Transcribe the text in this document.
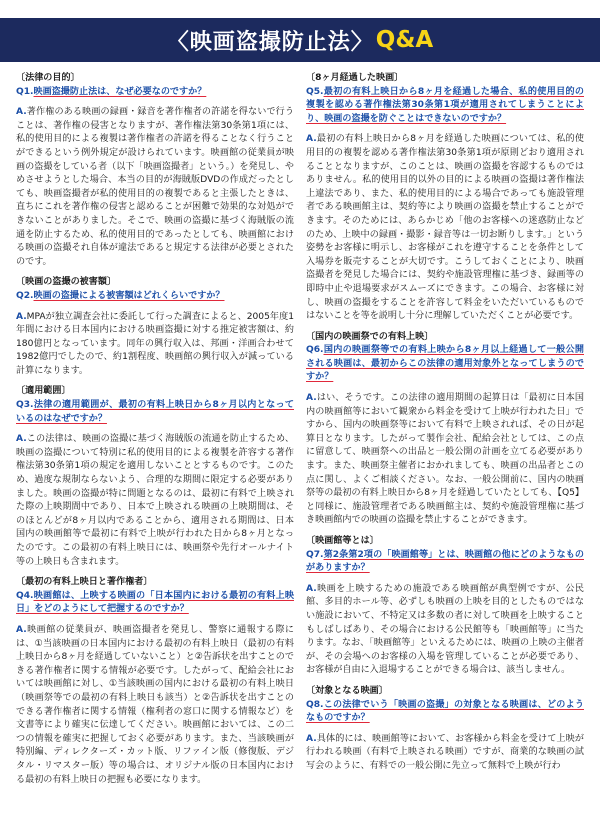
〈映画盗撮防止法〉 Q&A
〔法律の目的〕
Q1.映画盗撮防止法は、なぜ必要なのですか？
A.著作権のある映画の録画・録音を著作権者の許諾を得ないで行うことは、著作権の侵害となりますが、著作権法第30条第1項には、私的使用目的による複製は著作権者の許諾を得ることなく行うことができるという例外規定が設けられています。映画館の従業員が映画の盗撮をしている者（以下「映画盗撮者」という。）を発見し、やめさせようとした場合、本当の目的が海賊版DVDの作成だったとしても、映画盗撮者が私的使用目的の複製であると主張したときは、直ちにこれを著作権の侵害と認めることが困難で効果的な対処ができないことがありました。そこで、映画の盗撮に基づく海賊版の流通を防止するため、私的使用目的であったとしても、映画館における映画の盗撮それ自体が違法であると規定する法律が必要とされたのです。
〔映画の盗撮の被害額〕
Q2.映画の盗撮による被害額はどれくらいですか？
A.MPAが独立調査会社に委託して行った調査によると、2005年度1年間における日本国内における映画盗撮に対する推定被害額は、約180億円となっています。同年の興行収入は、邦画・洋画合わせて1982億円でしたので、約1割程度、映画館の興行収入が減っている計算になります。
〔適用範囲〕
Q3.法律の適用範囲が、最初の有料上映日から8ヶ月以内となっているのはなぜですか？
A.この法律は、映画の盗撮に基づく海賊版の流通を防止するため、映画の盗撮について特別に私的使用目的による複製を許容する著作権法第30条第1項の規定を適用しないこととするものです。このため、過度な規制ならないよう、合理的な期間に限定する必要がありました。映画の盗撮が特に問題となるのは、最初に有料で上映された際の上映期間中であり、日本で上映される映画の上映期間は、そのほとんどが8ヶ月以内であることから、適用される期間は、日本国内の映画館等で最初に有料で上映が行われた日から8ヶ月となったのです。この最初の有料上映日には、映画祭や先行オールナイト等の上映日も含まれます。
〔最初の有料上映日と著作権者〕
Q4.映画館は、上映する映画の「日本国内における最初の有料上映日」をどのようにして把握するのですか？
A.映画館の従業員が、映画盗撮者を発見し、警察に通報する際には、①当該映画の日本国内における最初の有料上映日（最初の有料上映日から8ヶ月を経過していないこと）と②告訴状を出すことのできる著作権者に関する情報が必要です。したがって、配給会社においては映画館に対し、①当該映画の国内における最初の有料上映日（映画祭等での最初の有料上映日も該当）と②告訴状を出すことのできる著作権者に関する情報（権利者の窓口に関する情報など）を文書等により確実に伝達してください。映画館においては、この二つの情報を確実に把握しておく必要があります。また、当該映画が特別編、ディレクターズ・カット版、リファイン版（修復版、デジタル・リマスター版）等の場合は、オリジナル版の日本国内における最初の有料上映日の把握も必要になります。
〔8ヶ月経過した映画〕
Q5.最初の有料上映日から8ヶ月を経過した場合、私的使用目的の複製を認める著作権法第30条第1項が適用されてしまうことにより、映画の盗撮を防ぐことはできないのですか？
A.最初の有料上映日から8ヶ月を経過した映画については、私的使用目的の複製を認める著作権法第30条第1項が原則どおり適用されることとなりますが、このことは、映画の盗撮を容認するものではありません。私的使用目的以外の目的による映画の盗撮は著作権法上違法であり、また、私的使用目的による場合であっても施設管理者である映画館主は、契約等により映画の盗撮を禁止することができます。そのためには、あらかじめ「他のお客様への迷惑防止などのため、上映中の録画・撮影・録音等は一切お断りします。」という姿勢をお客様に明示し、お客様がこれを遵守することを条件として入場券を販売することが大切です。こうしておくことにより、映画盗撮者を発見した場合には、契約や施設管理権に基づき、録画等の即時中止や退場要求がスムーズにできます。この場合、お客様に対し、映画の盗撮をすることを許容して料金をいただいているものではないことを等を説明し十分に理解していただくことが必要です。
〔国内の映画祭での有料上映〕
Q6.国内の映画祭等での有料上映から8ヶ月以上経過して一般公開される映画は、最初からこの法律の適用対象外となってしまうのですか？
A.はい、そうです。この法律の適用期間の起算日は「最初に日本国内の映画館等において観衆から料金を受けて上映が行われた日」ですから、国内の映画祭等において有料で上映されれば、その日が起算日となります。したがって製作会社、配給会社としては、この点に留意して、映画祭への出品と一般公開の計画を立てる必要があります。また、映画祭主催者におかれましても、映画の出品者とこの点に関し、よくご相談ください。なお、一般公開前に、国内の映画祭等の最初の有料上映日から8ヶ月を経過していたとしても、【Q5】と同様に、施設管理者である映画館主は、契約や施設管理権に基づき映画館内での映画の盗撮を禁止することができます。
〔映画館等とは〕
Q7.第2条第2項の「映画館等」とは、映画館の他にどのようなものがありますか？
A.映画を上映するための施設である映画館が典型例ですが、公民館、多目的ホール等、必ずしも映画の上映を目的としたものではない施設において、不特定又は多数の者に対して映画を上映することもしばしばあり、その場合における公民館等も「映画館等」に当たります。なお、「映画館等」といえるためには、映画の上映の主催者が、その会場へのお客様の入場を管理していることが必要であり、お客様が自由に入退場することができる場合は、該当しません。
〔対象となる映画〕
Q8.この法律でいう「映画の盗撮」の対象となる映画は、どのようなものですか？
A.具体的には、映画館等において、お客様から料金を受けて上映が行われる映画（有料で上映される映画）ですが、商業的な映画の試写会のように、有料での一般公開に先立って無料で上映が行わ
